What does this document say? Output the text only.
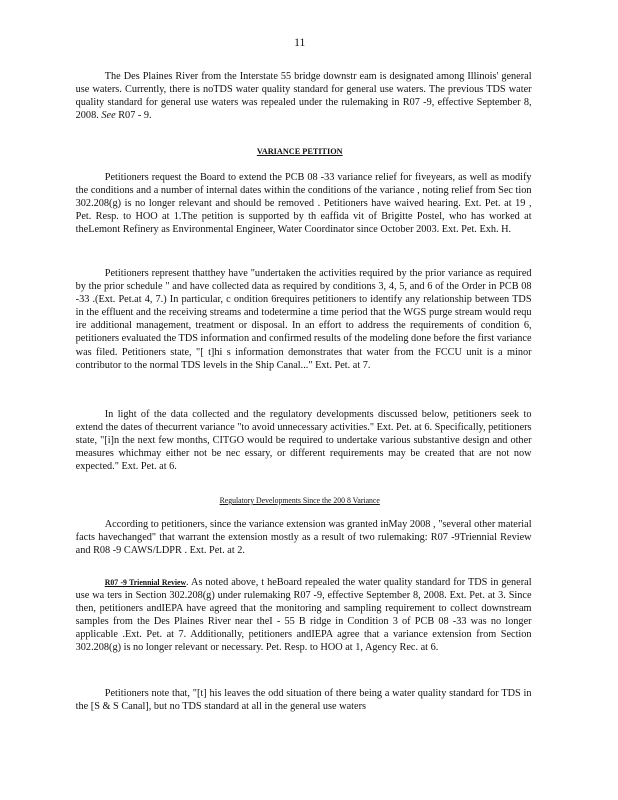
11

The Des Plaines River from the Interstate 55 bridge downstr eam is designated among Illinois' general use waters. Currently, there is noTDS water quality standard for general use waters. The previous TDS water quality standard for general use waters was repealed under the rulemaking in R07 -9, effective September 8, 2008. See R07 - 9.

VARIANCE PETITION

Petitioners request the Board to extend the PCB 08 -33 variance relief for fiveyears, as well as modify the conditions and a number of internal dates within the conditions of the variance , noting relief from Sec tion 302.208(g) is no longer relevant and should be removed . Petitioners have waived hearing. Ext. Pet. at 19 , Pet. Resp. to HOO at 1.The petition is supported by th eaffida vit of Brigitte Postel, who has worked at theLemont Refinery as Environmental Engineer, Water Coordinator since October 2003. Ext. Pet. Exh. H.

Petitioners represent thatthey have "undertaken the activities required by the prior variance as required by the prior schedule " and have collected data as required by conditions 3, 4, 5, and 6 of the Order in PCB 08 -33 .(Ext. Pet.at 4, 7.) In particular, c ondition 6requires petitioners to identify any relationship between TDS in the effluent and the receiving streams and todetermine a time period that the WGS purge stream would requ ire additional management, treatment or disposal. In an effort to address the requirements of condition 6, petitioners evaluated the TDS information and confirmed results of the modeling done before the first variance was filed. Petitioners state, "[ t]hi s information demonstrates that water from the FCCU unit is a minor contributor to the normal TDS levels in the Ship Canal..." Ext. Pet. at 7.

In light of the data collected and the regulatory developments discussed below, petitioners seek to extend the dates of thecurrent variance "to avoid unnecessary activities." Ext. Pet. at 6. Specifically, petitioners state, "[i]n the next few months, CITGO would be required to undertake various substantive design and other measures whichmay either not be nec essary, or different requirements may be created that are not now expected." Ext. Pet. at 6.

Regulatory Developments Since the 200 8 Variance

According to petitioners, since the variance extension was granted inMay 2008 , "several other material facts havechanged" that warrant the extension mostly as a result of two rulemaking: R07 -9Triennial Review and R08 -9 CAWS/LDPR . Ext. Pet. at 2.

R07 -9 Triennial Review. As noted above, t heBoard repealed the water quality standard for TDS in general use wa ters in Section 302.208(g) under rulemaking R07 -9, effective September 8, 2008. Ext. Pet. at 3. Since then, petitioners andIEPA have agreed that the monitoring and sampling requirement to collect downstream samples from the Des Plaines River near theI - 55 B ridge in Condition 3 of PCB 08 -33 was no longer applicable .Ext. Pet. at 7. Additionally, petitioners andIEPA agree that a variance extension from Section 302.208(g) is no longer relevant or necessary. Pet. Resp. to HOO at 1, Agency Rec. at 6.

Petitioners note that, "[t] his leaves the odd situation of there being a water quality standard for TDS in the [S & S Canal], but no TDS standard at all in the general use waters
